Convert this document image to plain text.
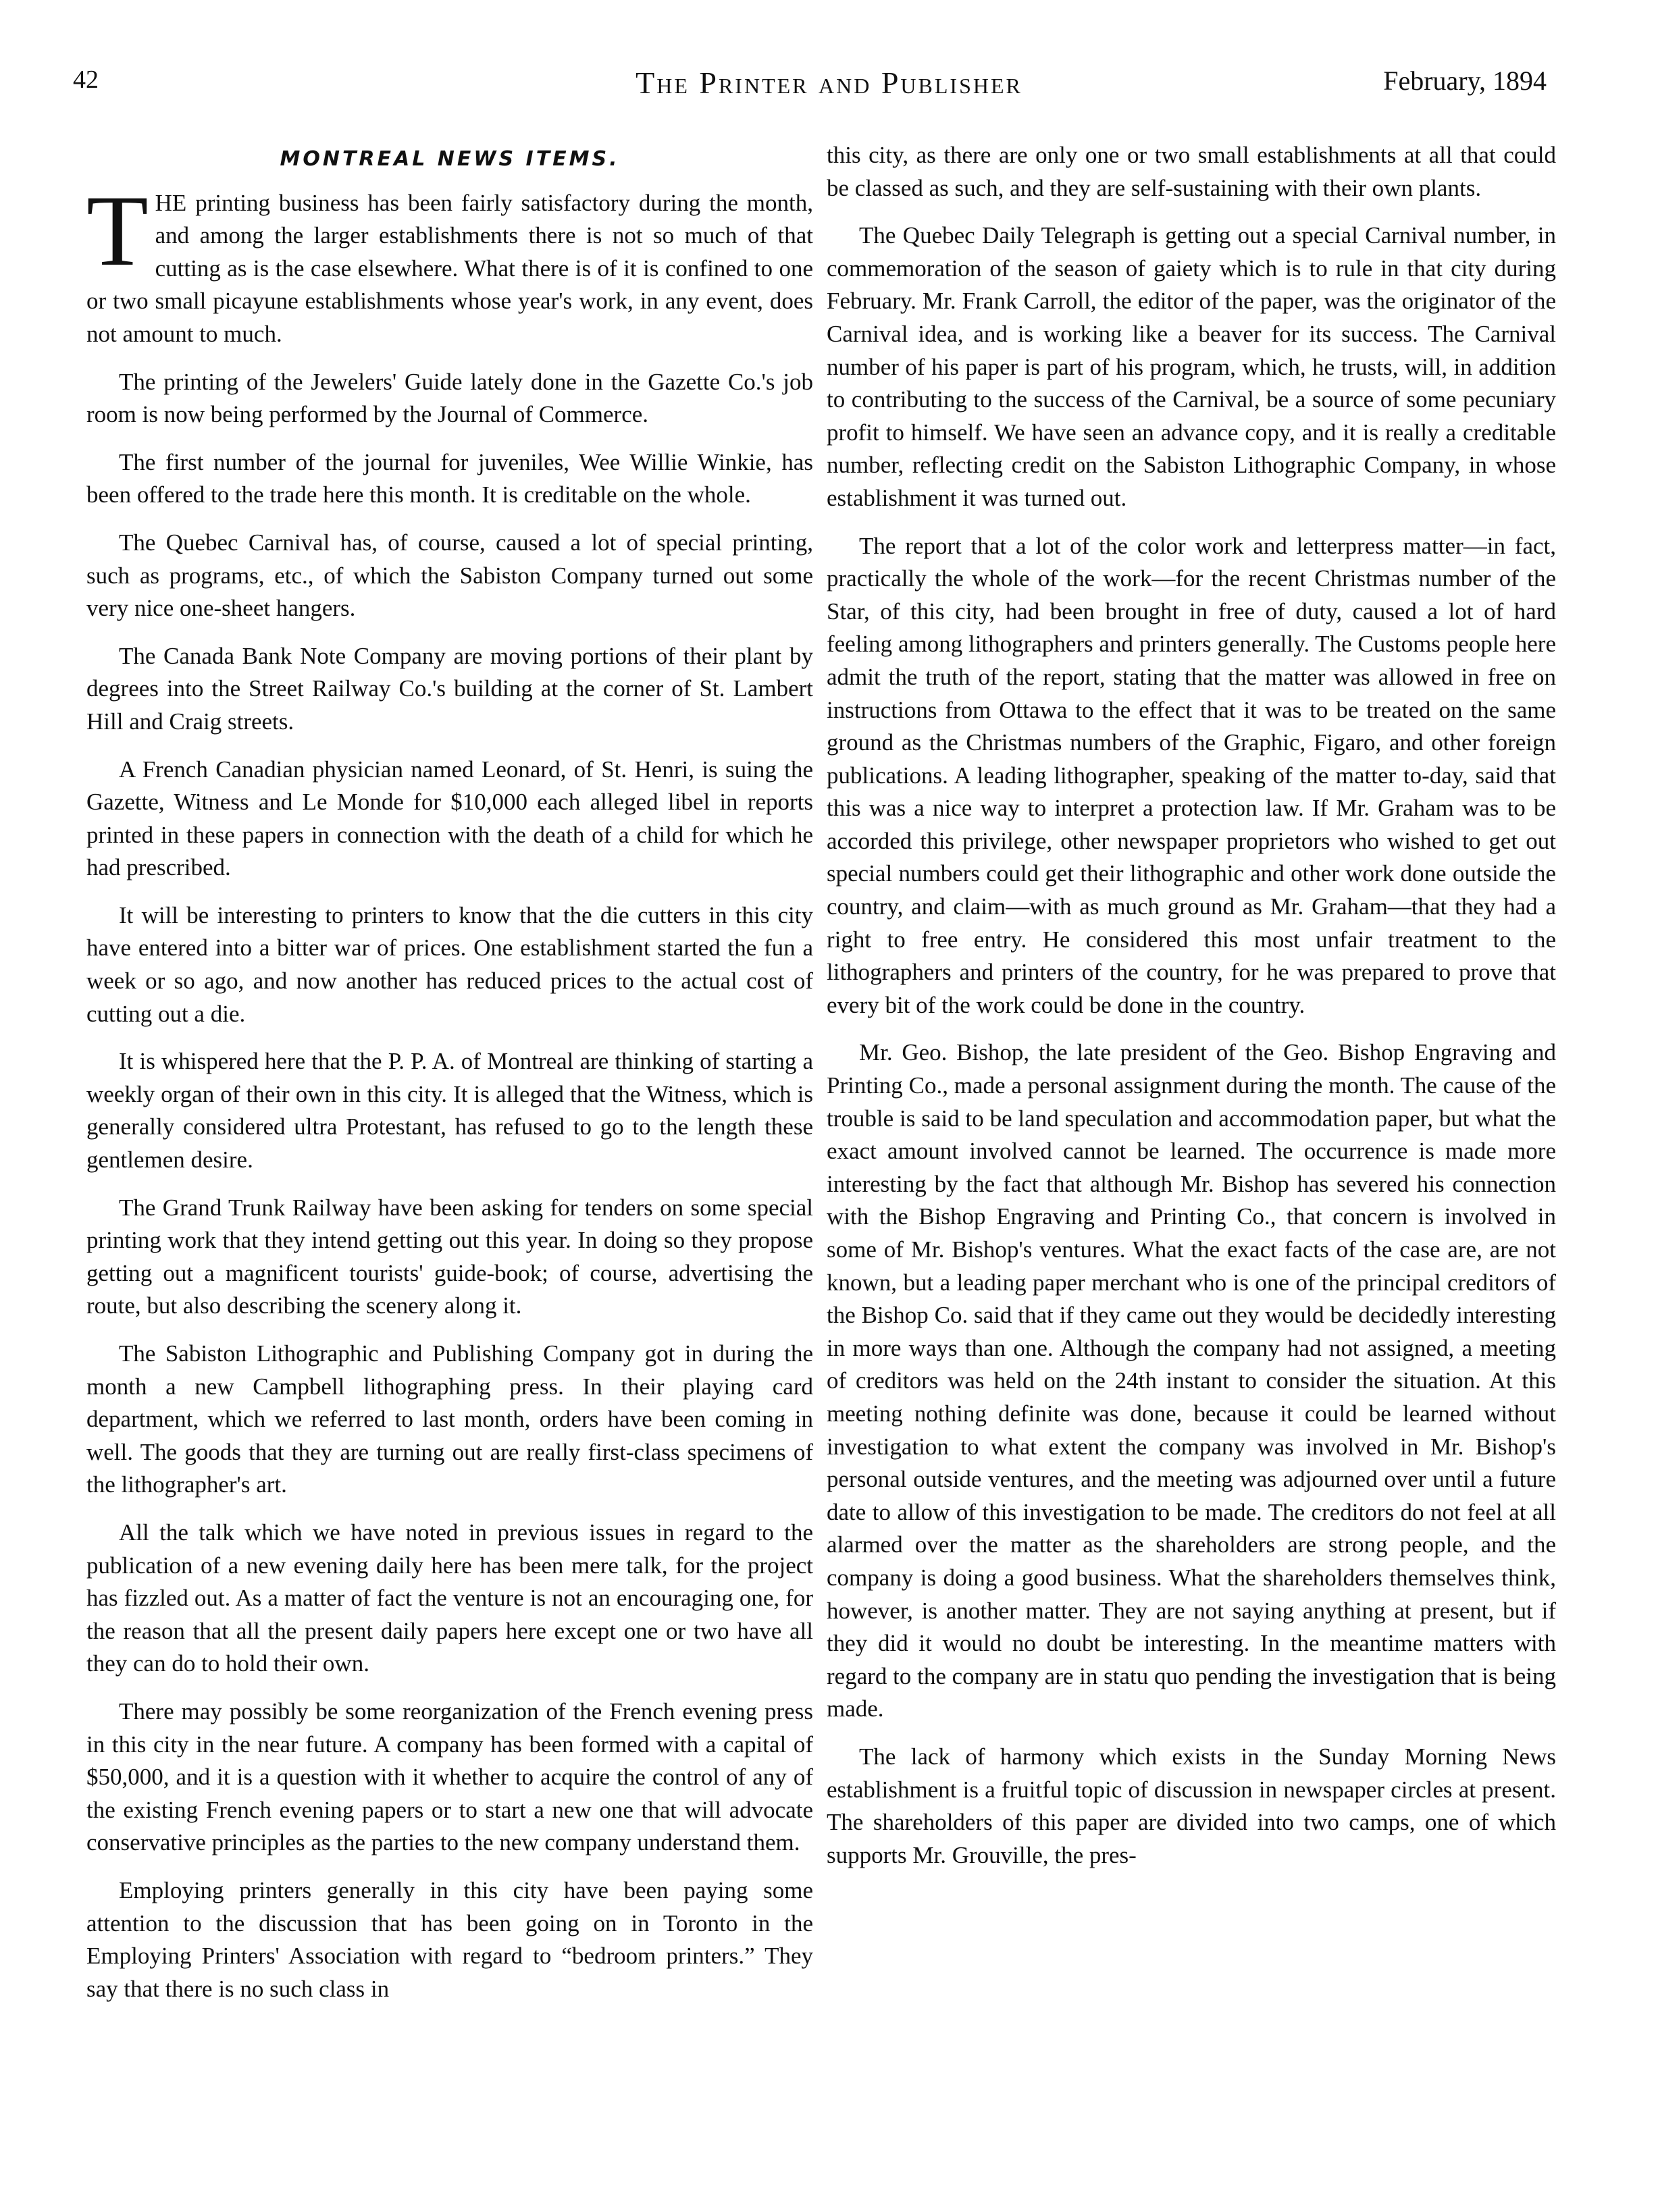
42	The Printer and Publisher	February, 1894
MONTREAL NEWS ITEMS.

THE printing business has been fairly satisfactory during the month, and among the larger establishments there is not so much of that cutting as is the case elsewhere. What there is of it is confined to one or two small picayune establishments whose year's work, in any event, does not amount to much.

The printing of the Jewelers' Guide lately done in the Gazette Co.'s job room is now being performed by the Journal of Commerce.

The first number of the journal for juveniles, Wee Willie Winkie, has been offered to the trade here this month. It is creditable on the whole.

The Quebec Carnival has, of course, caused a lot of special printing, such as programs, etc., of which the Sabiston Company turned out some very nice one-sheet hangers.

The Canada Bank Note Company are moving portions of their plant by degrees into the Street Railway Co.'s building at the corner of St. Lambert Hill and Craig streets.

A French Canadian physician named Leonard, of St. Henri, is suing the Gazette, Witness and Le Monde for $10,000 each alleged libel in reports printed in these papers in connection with the death of a child for which he had prescribed.

It will be interesting to printers to know that the die cutters in this city have entered into a bitter war of prices. One establishment started the fun a week or so ago, and now another has reduced prices to the actual cost of cutting out a die.

It is whispered here that the P. P. A. of Montreal are thinking of starting a weekly organ of their own in this city. It is alleged that the Witness, which is generally considered ultra Protestant, has refused to go to the length these gentlemen desire.

The Grand Trunk Railway have been asking for tenders on some special printing work that they intend getting out this year. In doing so they propose getting out a magnificent tourists' guide-book; of course, advertising the route, but also describing the scenery along it.

The Sabiston Lithographic and Publishing Company got in during the month a new Campbell lithographing press. In their playing card department, which we referred to last month, orders have been coming in well. The goods that they are turning out are really first-class specimens of the lithographer's art.

All the talk which we have noted in previous issues in regard to the publication of a new evening daily here has been mere talk, for the project has fizzled out. As a matter of fact the venture is not an encouraging one, for the reason that all the present daily papers here except one or two have all they can do to hold their own.

There may possibly be some reorganization of the French evening press in this city in the near future. A company has been formed with a capital of $50,000, and it is a question with it whether to acquire the control of any of the existing French evening papers or to start a new one that will advocate conservative principles as the parties to the new company understand them.

Employing printers generally in this city have been paying some attention to the discussion that has been going on in Toronto in the Employing Printers' Association with regard to “bedroom printers.” They say that there is no such class in

this city, as there are only one or two small establishments at all that could be classed as such, and they are self-sustaining with their own plants.

The Quebec Daily Telegraph is getting out a special Carnival number, in commemoration of the season of gaiety which is to rule in that city during February. Mr. Frank Carroll, the editor of the paper, was the originator of the Carnival idea, and is working like a beaver for its success. The Carnival number of his paper is part of his program, which, he trusts, will, in addition to contributing to the success of the Carnival, be a source of some pecuniary profit to himself. We have seen an advance copy, and it is really a creditable number, reflecting credit on the Sabiston Lithographic Company, in whose establishment it was turned out.

The report that a lot of the color work and letterpress matter—in fact, practically the whole of the work—for the recent Christmas number of the Star, of this city, had been brought in free of duty, caused a lot of hard feeling among lithographers and printers generally. The Customs people here admit the truth of the report, stating that the matter was allowed in free on instructions from Ottawa to the effect that it was to be treated on the same ground as the Christmas numbers of the Graphic, Figaro, and other foreign publications. A leading lithographer, speaking of the matter to-day, said that this was a nice way to interpret a protection law. If Mr. Graham was to be accorded this privilege, other newspaper proprietors who wished to get out special numbers could get their lithographic and other work done outside the country, and claim—with as much ground as Mr. Graham—that they had a right to free entry. He considered this most unfair treatment to the lithographers and printers of the country, for he was prepared to prove that every bit of the work could be done in the country.

Mr. Geo. Bishop, the late president of the Geo. Bishop Engraving and Printing Co., made a personal assignment during the month. The cause of the trouble is said to be land speculation and accommodation paper, but what the exact amount involved cannot be learned. The occurrence is made more interesting by the fact that although Mr. Bishop has severed his connection with the Bishop Engraving and Printing Co., that concern is involved in some of Mr. Bishop's ventures. What the exact facts of the case are, are not known, but a leading paper merchant who is one of the principal creditors of the Bishop Co. said that if they came out they would be decidedly interesting in more ways than one. Although the company had not assigned, a meeting of creditors was held on the 24th instant to consider the situation. At this meeting nothing definite was done, because it could be learned without investigation to what extent the company was involved in Mr. Bishop's personal outside ventures, and the meeting was adjourned over until a future date to allow of this investigation to be made. The creditors do not feel at all alarmed over the matter as the shareholders are strong people, and the company is doing a good business. What the shareholders themselves think, however, is another matter. They are not saying anything at present, but if they did it would no doubt be interesting. In the meantime matters with regard to the company are in statu quo pending the investigation that is being made.

The lack of harmony which exists in the Sunday Morning News establishment is a fruitful topic of discussion in newspaper circles at present. The shareholders of this paper are divided into two camps, one of which supports Mr. Grouville, the pres-
